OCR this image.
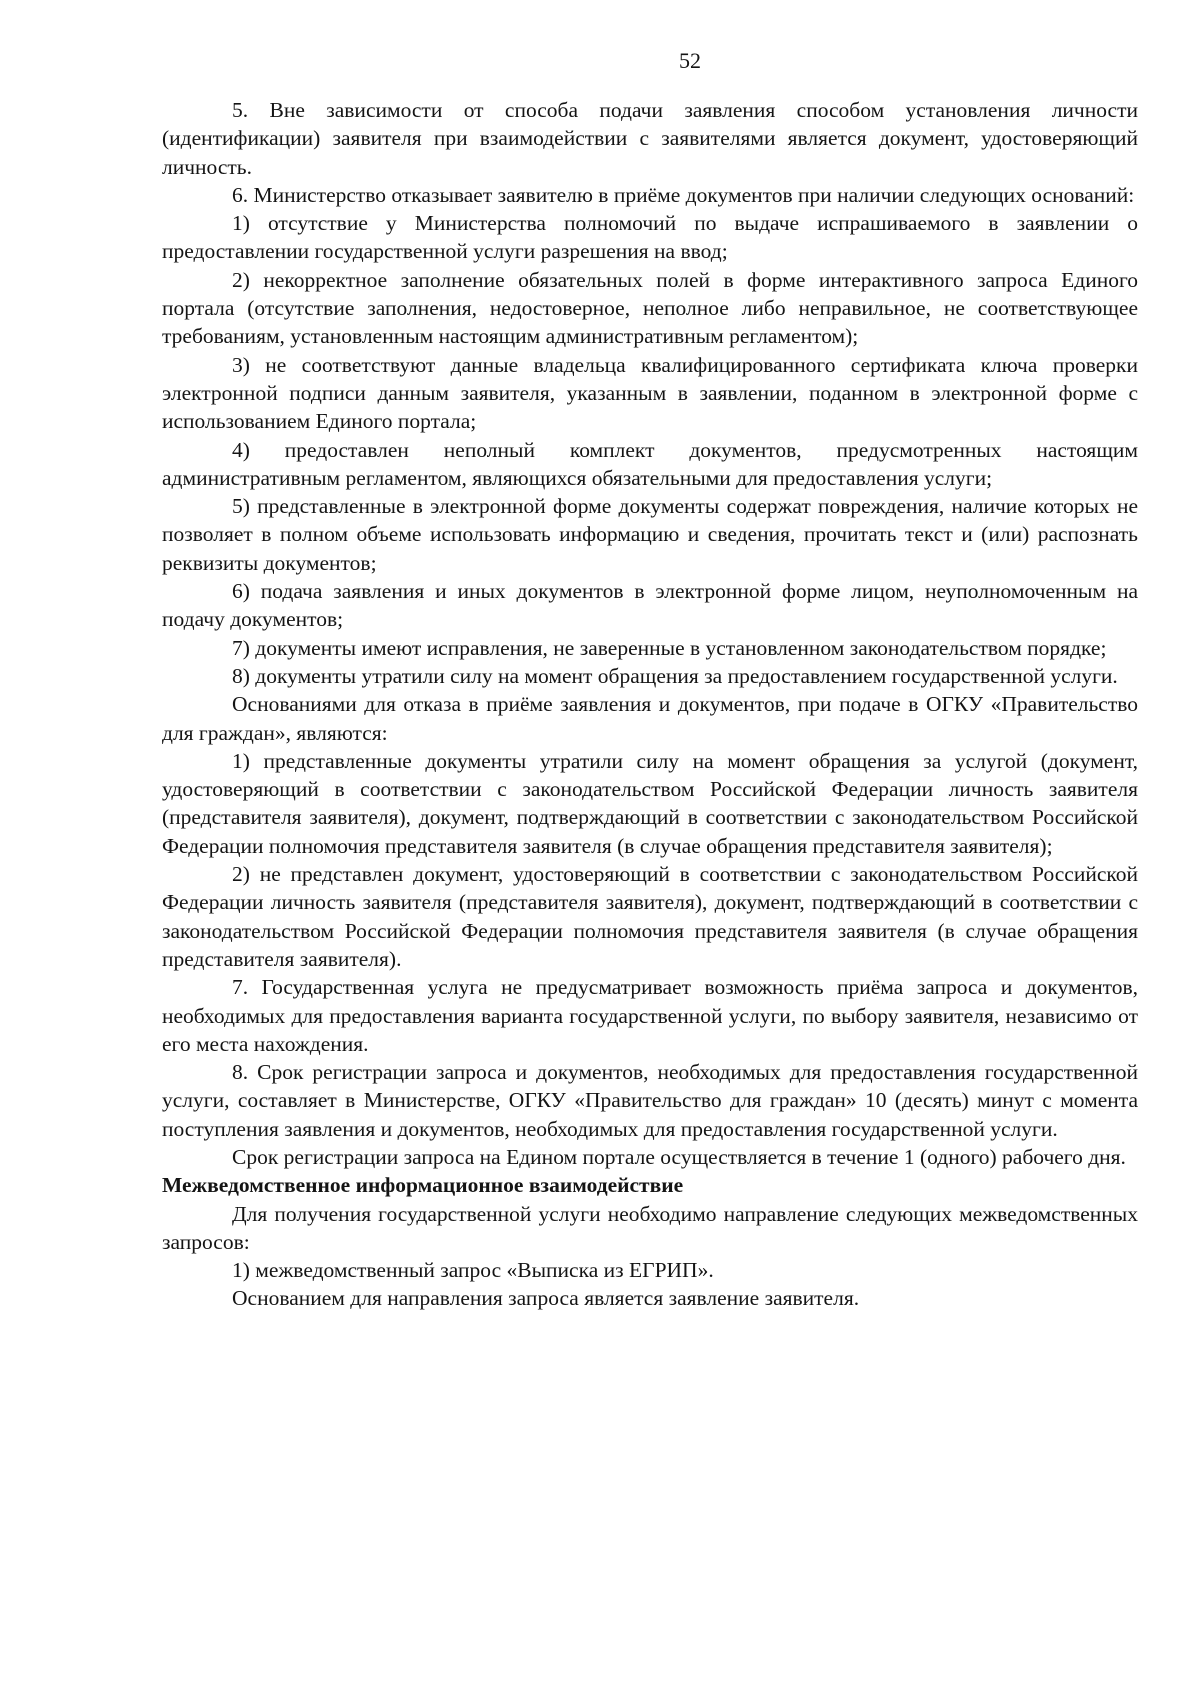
52

5. Вне зависимости от способа подачи заявления способом установления личности (идентификации) заявителя при взаимодействии с заявителями является документ, удостоверяющий личность.

6. Министерство отказывает заявителю в приёме документов при наличии следующих оснований:

1) отсутствие у Министерства полномочий по выдаче испрашиваемого в заявлении о предоставлении государственной услуги разрешения на ввод;

2) некорректное заполнение обязательных полей в форме интерактивного запроса Единого портала (отсутствие заполнения, недостоверное, неполное либо неправильное, не соответствующее требованиям, установленным настоящим административным регламентом);

3) не соответствуют данные владельца квалифицированного сертификата ключа проверки электронной подписи данным заявителя, указанным в заявлении, поданном в электронной форме с использованием Единого портала;

4) предоставлен неполный комплект документов, предусмотренных настоящим административным регламентом, являющихся обязательными для предоставления услуги;

5) представленные в электронной форме документы содержат повреждения, наличие которых не позволяет в полном объеме использовать информацию и сведения, прочитать текст и (или) распознать реквизиты документов;

6) подача заявления и иных документов в электронной форме лицом, неуполномоченным на подачу документов;

7) документы имеют исправления, не заверенные в установленном законодательством порядке;

8) документы утратили силу на момент обращения за предоставлением государственной услуги.

Основаниями для отказа в приёме заявления и документов, при подаче в ОГКУ «Правительство для граждан», являются:

1) представленные документы утратили силу на момент обращения за услугой (документ, удостоверяющий в соответствии с законодательством Российской Федерации личность заявителя (представителя заявителя), документ, подтверждающий в соответствии с законодательством Российской Федерации полномочия представителя заявителя (в случае обращения представителя заявителя);

2) не представлен документ, удостоверяющий в соответствии с законодательством Российской Федерации личность заявителя (представителя заявителя), документ, подтверждающий в соответствии с законодательством Российской Федерации полномочия представителя заявителя (в случае обращения представителя заявителя).

7. Государственная услуга не предусматривает возможность приёма запроса и документов, необходимых для предоставления варианта государственной услуги, по выбору заявителя, независимо от его места нахождения.

8. Срок регистрации запроса и документов, необходимых для предоставления государственной услуги, составляет в Министерстве, ОГКУ «Правительство для граждан» 10 (десять) минут с момента поступления заявления и документов, необходимых для предоставления государственной услуги.

Срок регистрации запроса на Едином портале осуществляется в течение 1 (одного) рабочего дня.

Межведомственное информационное взаимодействие

Для получения государственной услуги необходимо направление следующих межведомственных запросов:

1) межведомственный запрос «Выписка из ЕГРИП».

Основанием для направления запроса является заявление заявителя.
